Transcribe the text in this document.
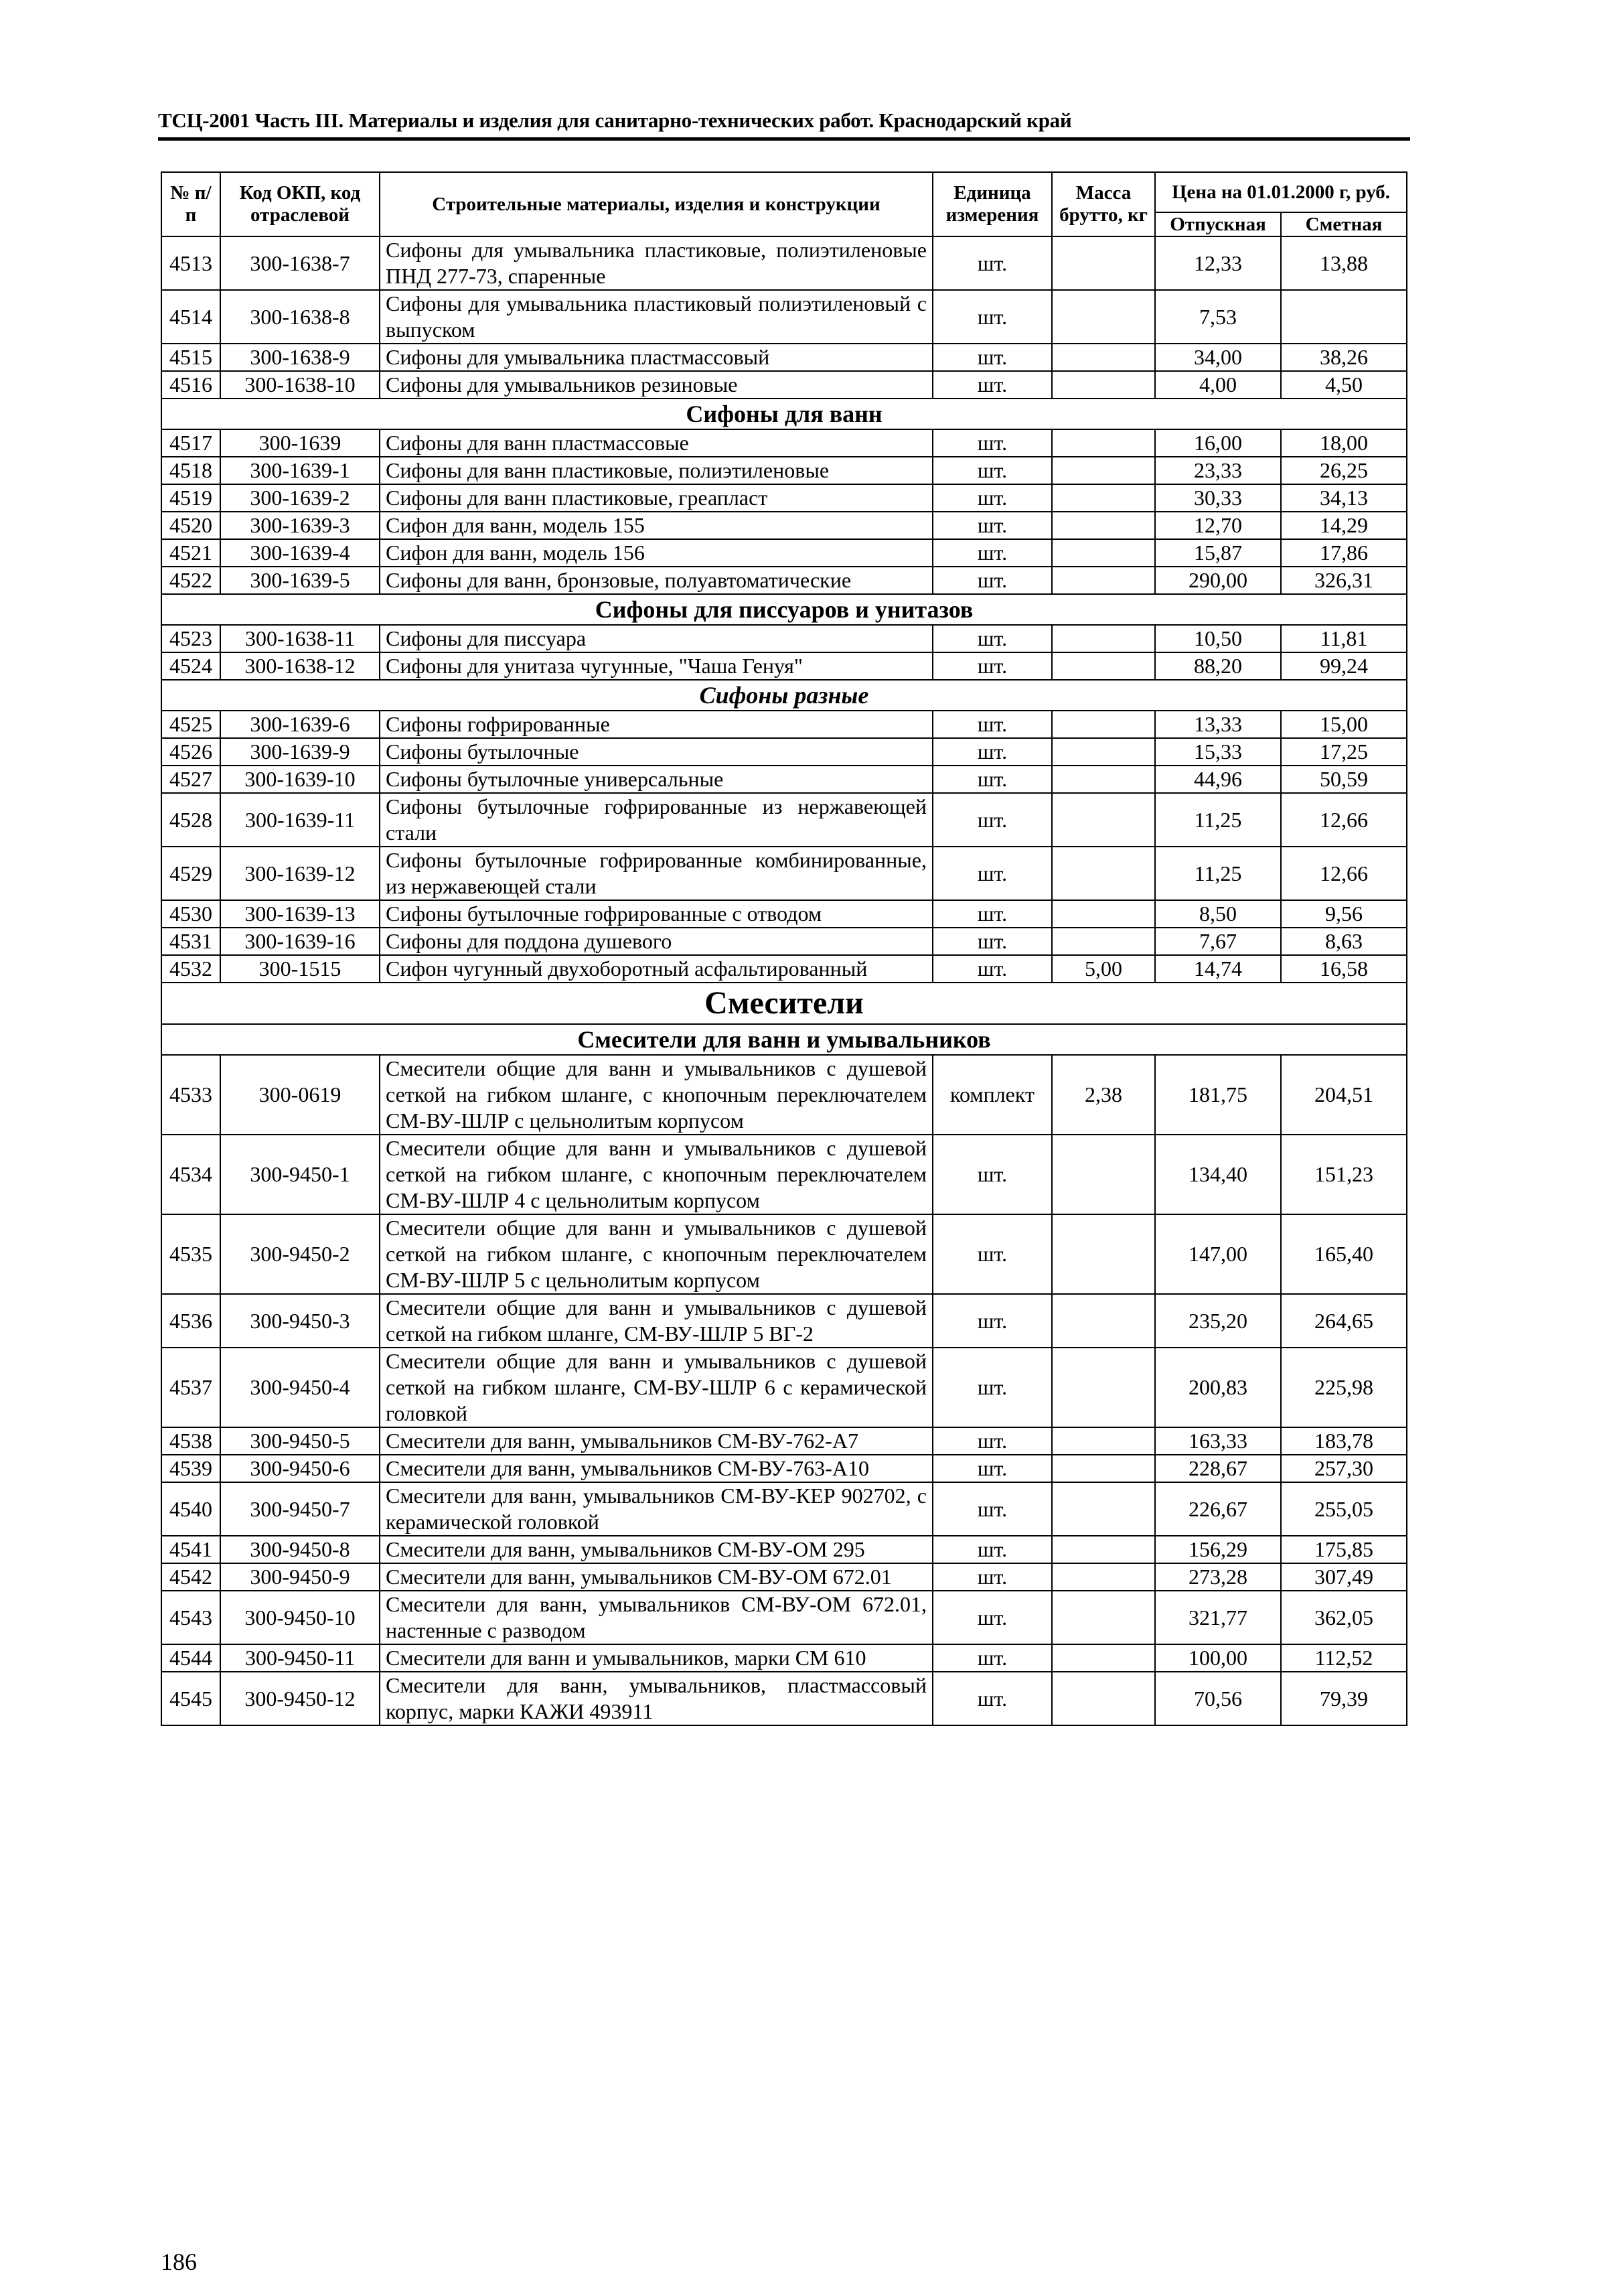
ТСЦ-2001 Часть III. Материалы и изделия для санитарно-технических работ. Краснодарский край
№ п/п	Код ОКП, код отраслевой	Строительные материалы, изделия и конструкции	Единица измерения	Масса брутто, кг	Цена на 01.01.2000 г, руб.	
					Отпускная	Сметная
4513	300-1638-7	Сифоны для умывальника пластиковые, полиэтиленовые ПНД 277-73, спаренные	шт.		12,33	13,88
4514	300-1638-8	Сифоны для умывальника пластиковый полиэтиленовый с выпуском	шт.		7,53	
4515	300-1638-9	Сифоны для умывальника пластмассовый	шт.		34,00	38,26
4516	300-1638-10	Сифоны для умывальников резиновые	шт.		4,00	4,50
Сифоны для ванн						
4517	300-1639	Сифоны для ванн пластмассовые	шт.		16,00	18,00
4518	300-1639-1	Сифоны для ванн пластиковые, полиэтиленовые	шт.		23,33	26,25
4519	300-1639-2	Сифоны для ванн пластиковые, греапласт	шт.		30,33	34,13
4520	300-1639-3	Сифон для ванн, модель 155	шт.		12,70	14,29
4521	300-1639-4	Сифон для ванн, модель 156	шт.		15,87	17,86
4522	300-1639-5	Сифоны для ванн, бронзовые, полуавтоматические	шт.		290,00	326,31
Сифоны для писсуаров и унитазов						
4523	300-1638-11	Сифоны для писсуара	шт.		10,50	11,81
4524	300-1638-12	Сифоны для унитаза чугунные, "Чаша Генуя"	шт.		88,20	99,24
Сифоны разные						
4525	300-1639-6	Сифоны гофрированные	шт.		13,33	15,00
4526	300-1639-9	Сифоны бутылочные	шт.		15,33	17,25
4527	300-1639-10	Сифоны бутылочные универсальные	шт.		44,96	50,59
4528	300-1639-11	Сифоны бутылочные гофрированные из нержавеющей стали	шт.		11,25	12,66
4529	300-1639-12	Сифоны бутылочные гофрированные комбинированные, из нержавеющей стали	шт.		11,25	12,66
4530	300-1639-13	Сифоны бутылочные гофрированные с отводом	шт.		8,50	9,56
4531	300-1639-16	Сифоны для поддона душевого	шт.		7,67	8,63
4532	300-1515	Сифон чугунный двухоборотный асфальтированный	шт.	5,00	14,74	16,58
Смесители						
Смесители для ванн и умывальников						
4533	300-0619	Смесители общие для ванн и умывальников с душевой сеткой на гибком шланге, с кнопочным переключателем СМ-ВУ-ШЛР с цельнолитым корпусом	комплект	2,38	181,75	204,51
4534	300-9450-1	Смесители общие для ванн и умывальников с душевой сеткой на гибком шланге, с кнопочным переключателем СМ-ВУ-ШЛР 4 с цельнолитым корпусом	шт.		134,40	151,23
4535	300-9450-2	Смесители общие для ванн и умывальников с душевой сеткой на гибком шланге, с кнопочным переключателем СМ-ВУ-ШЛР 5 с цельнолитым корпусом	шт.		147,00	165,40
4536	300-9450-3	Смесители общие для ванн и умывальников с душевой сеткой на гибком шланге, СМ-ВУ-ШЛР 5 ВГ-2	шт.		235,20	264,65
4537	300-9450-4	Смесители общие для ванн и умывальников с душевой сеткой на гибком шланге, СМ-ВУ-ШЛР 6 с керамической головкой	шт.		200,83	225,98
4538	300-9450-5	Смесители для ванн, умывальников СМ-ВУ-762-А7	шт.		163,33	183,78
4539	300-9450-6	Смесители для ванн, умывальников СМ-ВУ-763-А10	шт.		228,67	257,30
4540	300-9450-7	Смесители для ванн, умывальников СМ-ВУ-КЕР 902702, с керамической головкой	шт.		226,67	255,05
4541	300-9450-8	Смесители для ванн, умывальников СМ-ВУ-ОМ 295	шт.		156,29	175,85
4542	300-9450-9	Смесители для ванн, умывальников СМ-ВУ-ОМ 672.01	шт.		273,28	307,49
4543	300-9450-10	Смесители для ванн, умывальников СМ-ВУ-ОМ 672.01, настенные с разводом	шт.		321,77	362,05
4544	300-9450-11	Смесители для ванн и умывальников, марки СМ 610	шт.		100,00	112,52
4545	300-9450-12	Смесители для ванн, умывальников, пластмассовый корпус, марки КАЖИ 493911	шт.		70,56	79,39
186
